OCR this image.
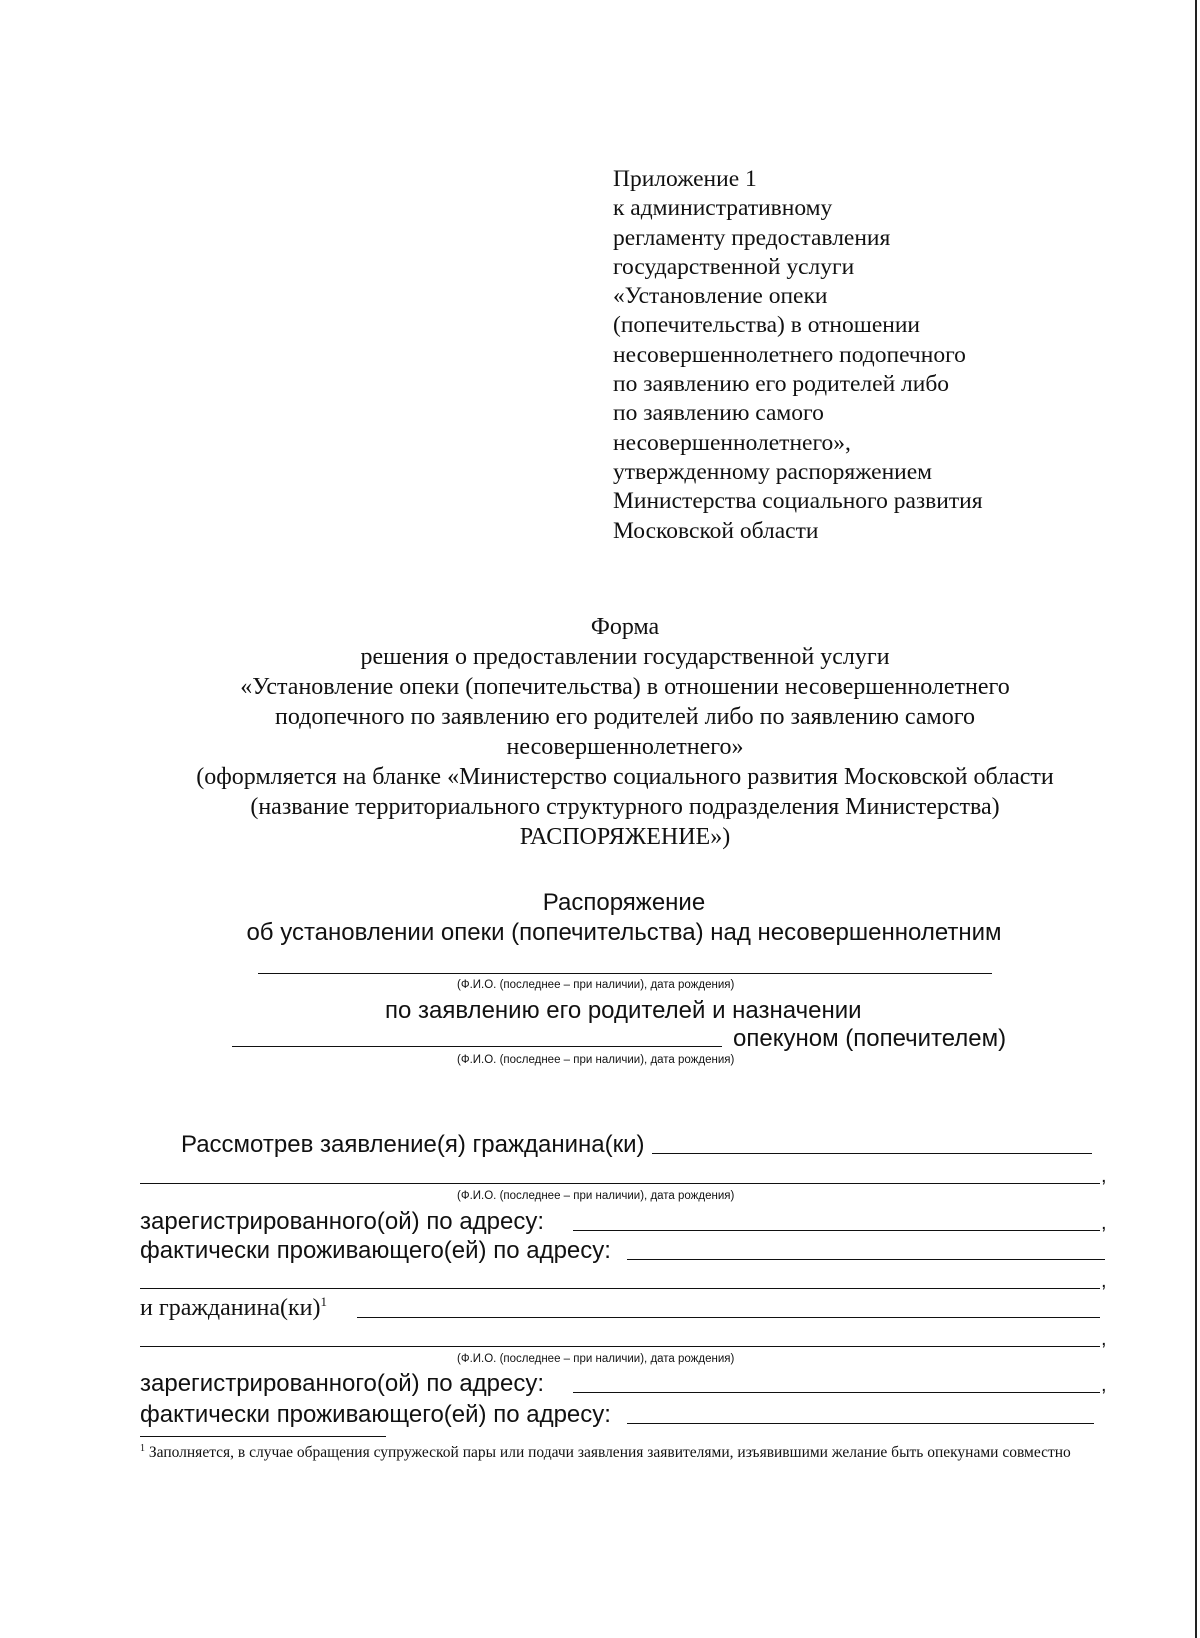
Приложение 1
к административному
регламенту предоставления
государственной услуги
«Установление опеки
(попечительства) в отношении
несовершеннолетнего подопечного
по заявлению его родителей либо
по заявлению самого
несовершеннолетнего»,
утвержденному распоряжением
Министерства социального развития
Московской области
Форма
решения о предоставлении государственной услуги
«Установление опеки (попечительства) в отношении несовершеннолетнего
подопечного по заявлению его родителей либо по заявлению самого
несовершеннолетнего»
(оформляется на бланке «Министерство социального развития Московской области
(название территориального структурного подразделения Министерства)
РАСПОРЯЖЕНИЕ»)
Распоряжение
об установлении опеки (попечительства) над несовершеннолетним
(Ф.И.О. (последнее – при наличии), дата рождения)
по заявлению его родителей и назначении
опекуном (попечителем)
(Ф.И.О. (последнее – при наличии), дата рождения)
Рассмотрев заявление(я) гражданина(ки)
,
(Ф.И.О. (последнее – при наличии), дата рождения)
зарегистрированного(ой) по адресу:	,
фактически проживающего(ей) по адресу:
,
и гражданина(ки)$^1$
,
(Ф.И.О. (последнее – при наличии), дата рождения)
зарегистрированного(ой) по адресу:	,
фактически проживающего(ей) по адресу:
$^1$ Заполняется, в случае обращения супружеской пары или подачи заявления заявителями, изъявившими желание быть опекунами совместно
